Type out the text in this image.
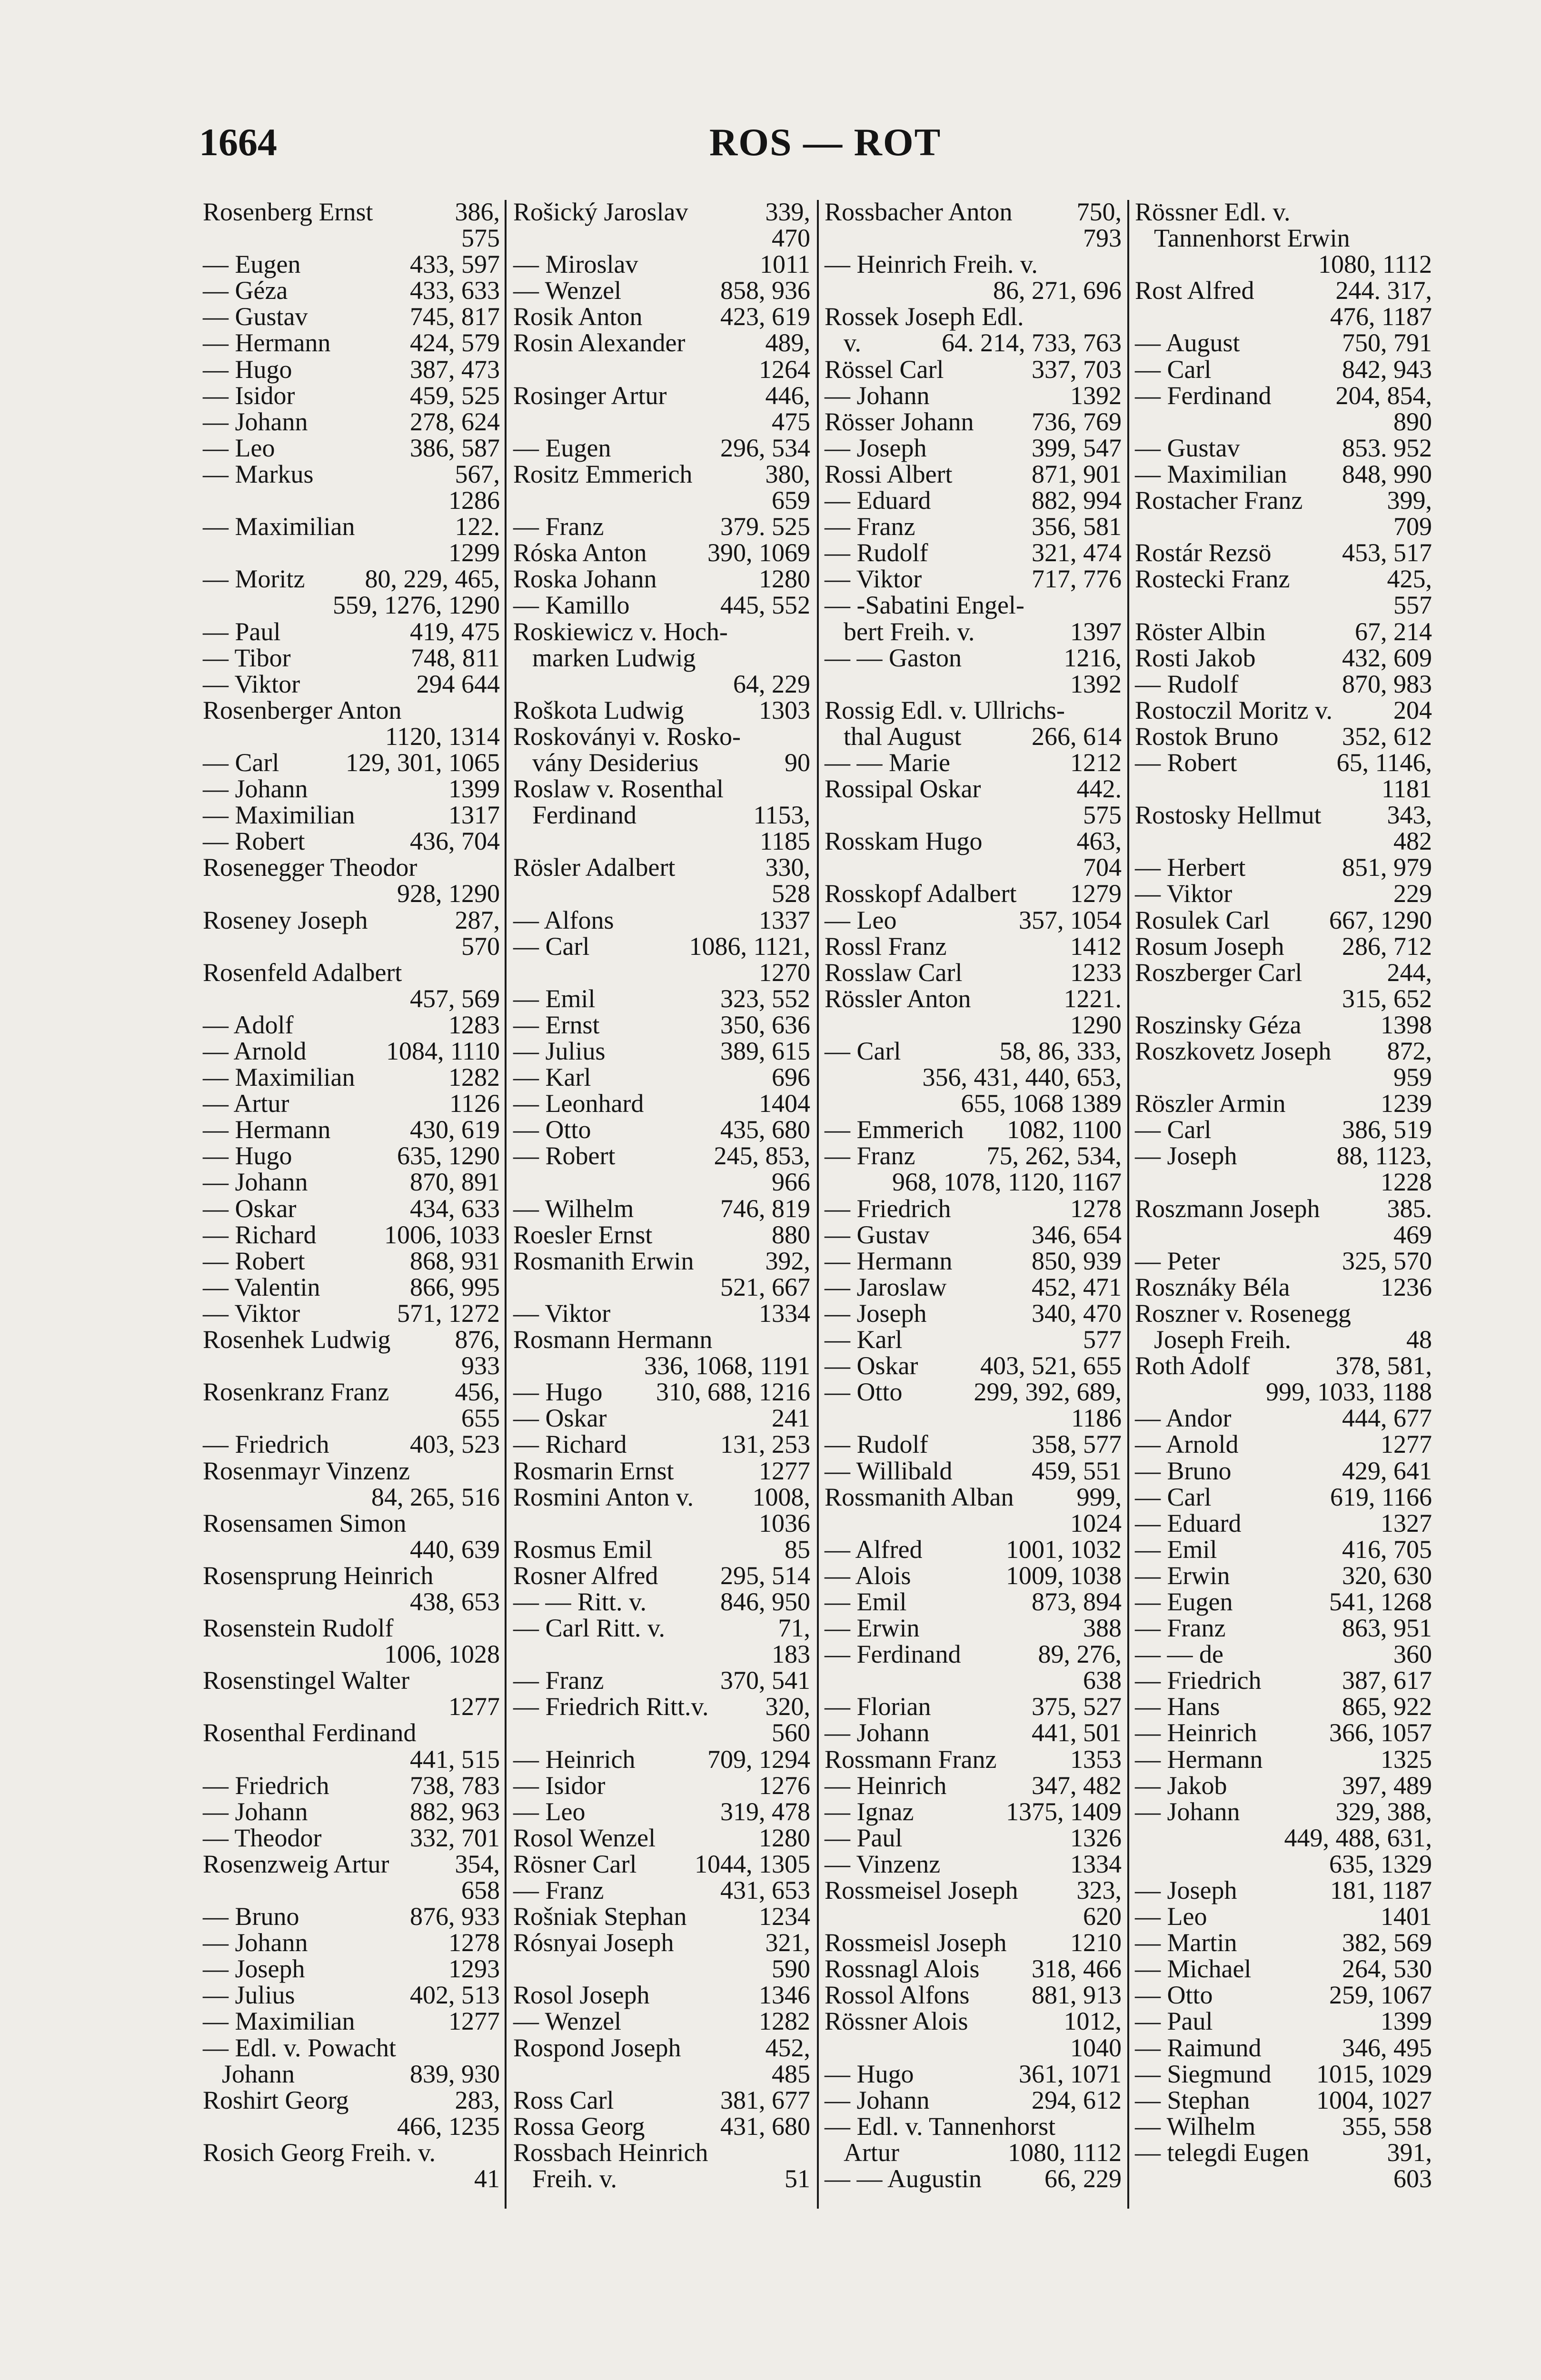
1664	ROS — ROT
Rosenberg Ernst	386,
575
— Eugen	433, 597
— Géza	433, 633
— Gustav	745, 817
— Hermann	424, 579
— Hugo	387, 473
— Isidor	459, 525
— Johann	278, 624
— Leo	386, 587
— Markus	567,
1286
— Maximilian	122.
1299
— Moritz	80, 229, 465,
559, 1276, 1290
— Paul	419, 475
— Tibor	748, 811
— Viktor	294 644
Rosenberger Anton
1120, 1314
— Carl	129, 301, 1065
— Johann	1399
— Maximilian	1317
— Robert	436, 704
Rosenegger Theodor
928, 1290
Roseney Joseph	287,
570
Rosenfeld Adalbert
457, 569
— Adolf	1283
— Arnold	1084, 1110
— Maximilian	1282
— Artur	1126
— Hermann	430, 619
— Hugo	635, 1290
— Johann	870, 891
— Oskar	434, 633
— Richard	1006, 1033
— Robert	868, 931
— Valentin	866, 995
— Viktor	571, 1272
Rosenhek Ludwig	876,
933
Rosenkranz Franz	456,
655
— Friedrich	403, 523
Rosenmayr Vinzenz
84, 265, 516
Rosensamen Simon
440, 639
Rosensprung Heinrich
438, 653
Rosenstein Rudolf
1006, 1028
Rosenstingel Walter
1277
Rosenthal Ferdinand
441, 515
— Friedrich	738, 783
— Johann	882, 963
— Theodor	332, 701
Rosenzweig Artur	354,
658
— Bruno	876, 933
— Johann	1278
— Joseph	1293
— Julius	402, 513
— Maximilian	1277
— Edl. v. Powacht
Johann	839, 930
Roshirt Georg	283,
466, 1235
Rosich Georg Freih. v.
41
Rošický Jaroslav	339,
470
— Miroslav	1011
— Wenzel	858, 936
Rosik Anton	423, 619
Rosin Alexander	489,
1264
Rosinger Artur	446,
475
— Eugen	296, 534
Rositz Emmerich	380,
659
— Franz	379. 525
Róska Anton	390, 1069
Roska Johann	1280
— Kamillo	445, 552
Roskiewicz v. Hoch-
marken Ludwig
64, 229
Roškota Ludwig	1303
Roskoványi v. Rosko-
vány Desiderius	90
Roslaw v. Rosenthal
Ferdinand	1153,
1185
Rösler Adalbert	330,
528
— Alfons	1337
— Carl	1086, 1121,
1270
— Emil	323, 552
— Ernst	350, 636
— Julius	389, 615
— Karl	696
— Leonhard	1404
— Otto	435, 680
— Robert	245, 853,
966
— Wilhelm	746, 819
Roesler Ernst	880
Rosmanith Erwin	392,
521, 667
— Viktor	1334
Rosmann Hermann
336, 1068, 1191
— Hugo	310, 688, 1216
— Oskar	241
— Richard	131, 253
Rosmarin Ernst	1277
Rosmini Anton v.	1008,
1036
Rosmus Emil	85
Rosner Alfred	295, 514
— — Ritt. v.	846, 950
— Carl Ritt. v.	71,
183
— Franz	370, 541
— Friedrich Ritt.v.	320,
560
— Heinrich	709, 1294
— Isidor	1276
— Leo	319, 478
Rosol Wenzel	1280
Rösner Carl	1044, 1305
— Franz	431, 653
Rošniak Stephan	1234
Rósnyai Joseph	321,
590
Rosol Joseph	1346
— Wenzel	1282
Rospond Joseph	452,
485
Ross Carl	381, 677
Rossa Georg	431, 680
Rossbach Heinrich
Freih. v.	51
Rossbacher Anton	750,
793
— Heinrich Freih. v.
86, 271, 696
Rossek Joseph Edl.
v.	64. 214, 733, 763
Rössel Carl	337, 703
— Johann	1392
Rösser Johann	736, 769
— Joseph	399, 547
Rossi Albert	871, 901
— Eduard	882, 994
— Franz	356, 581
— Rudolf	321, 474
— Viktor	717, 776
— -Sabatini Engel-
bert Freih. v.	1397
— — Gaston	1216,
1392
Rossig Edl. v. Ullrichs-
thal August	266, 614
— — Marie	1212
Rossipal Oskar	442.
575
Rosskam Hugo	463,
704
Rosskopf Adalbert	1279
— Leo	357, 1054
Rossl Franz	1412
Rosslaw Carl	1233
Rössler Anton	1221.
1290
— Carl	58, 86, 333,
356, 431, 440, 653,
655, 1068 1389
— Emmerich	1082, 1100
— Franz	75, 262, 534,
968, 1078, 1120, 1167
— Friedrich	1278
— Gustav	346, 654
— Hermann	850, 939
— Jaroslaw	452, 471
— Joseph	340, 470
— Karl	577
— Oskar	403, 521, 655
— Otto	299, 392, 689,
1186
— Rudolf	358, 577
— Willibald	459, 551
Rossmanith Alban	999,
1024
— Alfred	1001, 1032
— Alois	1009, 1038
— Emil	873, 894
— Erwin	388
— Ferdinand	89, 276,
638
— Florian	375, 527
— Johann	441, 501
Rossmann Franz	1353
— Heinrich	347, 482
— Ignaz	1375, 1409
— Paul	1326
— Vinzenz	1334
Rossmeisel Joseph	323,
620
Rossmeisl Joseph	1210
Rossnagl Alois	318, 466
Rossol Alfons	881, 913
Rössner Alois	1012,
1040
— Hugo	361, 1071
— Johann	294, 612
— Edl. v. Tannenhorst
Artur	1080, 1112
— — Augustin	66, 229
Rössner Edl. v.
Tannenhorst Erwin
1080, 1112
Rost Alfred	244. 317,
476, 1187
— August	750, 791
— Carl	842, 943
— Ferdinand	204, 854,
890
— Gustav	853. 952
— Maximilian	848, 990
Rostacher Franz	399,
709
Rostár Rezsö	453, 517
Rostecki Franz	425,
557
Röster Albin	67, 214
Rosti Jakob	432, 609
— Rudolf	870, 983
Rostoczil Moritz v.	204
Rostok Bruno	352, 612
— Robert	65, 1146,
1181
Rostosky Hellmut	343,
482
— Herbert	851, 979
— Viktor	229
Rosulek Carl	667, 1290
Rosum Joseph	286, 712
Roszberger Carl	244,
315, 652
Roszinsky Géza	1398
Roszkovetz Joseph	872,
959
Röszler Armin	1239
— Carl	386, 519
— Joseph	88, 1123,
1228
Roszmann Joseph	385.
469
— Peter	325, 570
Rosznáky Béla	1236
Roszner v. Rosenegg
Joseph Freih.	48
Roth Adolf	378, 581,
999, 1033, 1188
— Andor	444, 677
— Arnold	1277
— Bruno	429, 641
— Carl	619, 1166
— Eduard	1327
— Emil	416, 705
— Erwin	320, 630
— Eugen	541, 1268
— Franz	863, 951
— — de	360
— Friedrich	387, 617
— Hans	865, 922
— Heinrich	366, 1057
— Hermann	1325
— Jakob	397, 489
— Johann	329, 388,
449, 488, 631,
635, 1329
— Joseph	181, 1187
— Leo	1401
— Martin	382, 569
— Michael	264, 530
— Otto	259, 1067
— Paul	1399
— Raimund	346, 495
— Siegmund	1015, 1029
— Stephan	1004, 1027
— Wilhelm	355, 558
— telegdi Eugen	391,
603
